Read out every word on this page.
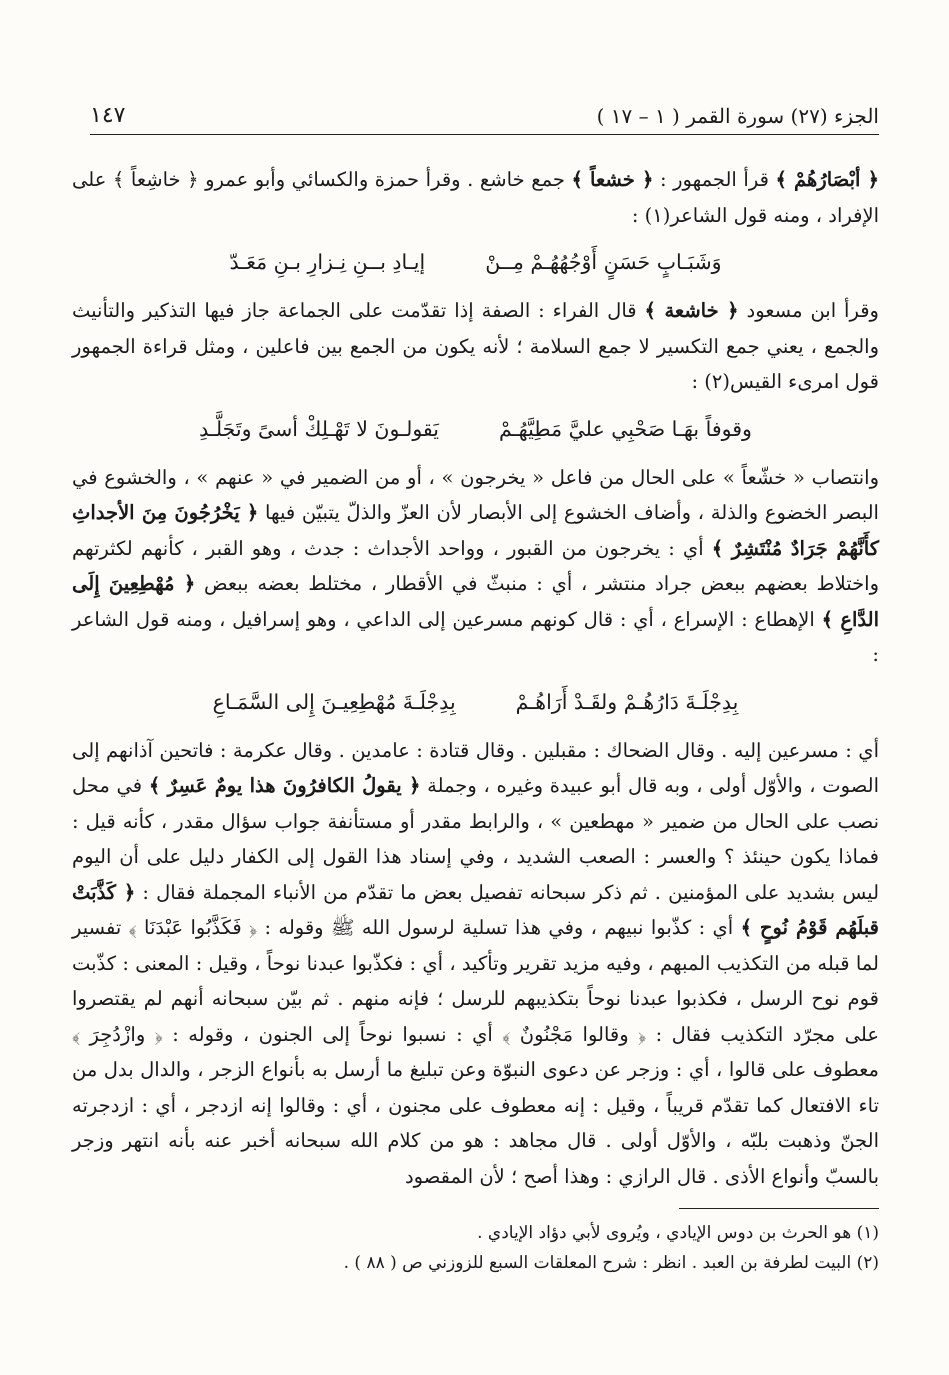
١٤٧	الجزء (٢٧) سورة القمر ( ١ – ١٧ )

﴿ أبْصَارُهُمْ ﴾ قرأ الجمهور : ﴿ خشعاً ﴾ جمع خاشع . وقرأ حمزة والكسائي وأبو عمرو ﴿ خاشِعاً ﴾ على الإفراد ، ومنه قول الشاعر(١) :

وَشَبَـابٍ حَسَنٍ أَوْجُهُهُـمْ مِــنْ
إيـادِ بــنِ نِـزارِ بـنِ مَعَـدّ

وقرأ ابن مسعود ﴿ خاشعة ﴾ قال الفراء : الصفة إذا تقدّمت على الجماعة جاز فيها التذكير والتأنيث والجمع ، يعني جمع التكسير لا جمع السلامة ؛ لأنه يكون من الجمع بين فاعلين ، ومثل قراءة الجمهور قول امرىء القيس(٢) :

وقوفاً بهَـا صَحْبِي عليَّ مَطِيَّهُـمْ
يَقولـونَ لا تَهْـلِكْ أسىً وتَجَلَّـدِ

وانتصاب « خشّعاً » على الحال من فاعل « يخرجون » ، أو من الضمير في « عنهم » ، والخشوع في البصر الخضوع والذلة ، وأضاف الخشوع إلى الأبصار لأن العزّ والذلّ يتبيّن فيها ﴿ يَخْرُجُونَ مِنَ الأجداثِ كأَنَّهُمْ جَرَادٌ مُنْتَشِرٌ ﴾ أي : يخرجون من القبور ، وواحد الأجداث : جدث ، وهو القبر ، كأنهم لكثرتهم واختلاط بعضهم ببعض جراد منتشر ، أي : منبثّ في الأقطار ، مختلط بعضه ببعض ﴿ مُهْطِعِينَ إِلَى الدَّاعِ ﴾ الإهطاع : الإسراع ، أي : قال كونهم مسرعين إلى الداعي ، وهو إسرافيل ، ومنه قول الشاعر :

بِدِجْلَـةَ دَارُهُـمْ ولقَـدْ أَرَاهُـمْ
بِدِجْلَـةَ مُهْطِعِيـنَ إِلى السَّمَـاعِ

أي : مسرعين إليه . وقال الضحاك : مقبلين . وقال قتادة : عامدين . وقال عكرمة : فاتحين آذانهم إلى الصوت ، والأوّل أولى ، وبه قال أبو عبيدة وغيره ، وجملة ﴿ يقولُ الكافرُونَ هذا يومٌ عَسِرٌ ﴾ في محل نصب على الحال من ضمير « مهطعين » ، والرابط مقدر أو مستأنفة جواب سؤال مقدر ، كأنه قيل : فماذا يكون حينئذ ؟ والعسر : الصعب الشديد ، وفي إسناد هذا القول إلى الكفار دليل على أن اليوم ليس بشديد على المؤمنين . ثم ذكر سبحانه تفصيل بعض ما تقدّم من الأنباء المجملة فقال : ﴿ كَذَّبَتْ قبلَهُم قَوْمُ نُوحٍ ﴾ أي : كذّبوا نبيهم ، وفي هذا تسلية لرسول الله ﷺ وقوله : ﴿ فَكَذَّبُوا عَبْدَنَا ﴾ تفسير لما قبله من التكذيب المبهم ، وفيه مزيد تقرير وتأكيد ، أي : فكذّبوا عبدنا نوحاً ، وقيل : المعنى : كذّبت قوم نوح الرسل ، فكذبوا عبدنا نوحاً بتكذيبهم للرسل ؛ فإنه منهم . ثم بيّن سبحانه أنهم لم يقتصروا على مجرّد التكذيب فقال : ﴿ وقالوا مَجْنُونٌ ﴾ أي : نسبوا نوحاً إلى الجنون ، وقوله : ﴿ وازْدُجِرَ ﴾ معطوف على قالوا ، أي : وزجر عن دعوى النبوّة وعن تبليغ ما أرسل به بأنواع الزجر ، والدال بدل من تاء الافتعال كما تقدّم قريباً ، وقيل : إنه معطوف على مجنون ، أي : وقالوا إنه ازدجر ، أي : ازدجرته الجنّ وذهبت بلبّه ، والأوّل أولى . قال مجاهد : هو من كلام الله سبحانه أخبر عنه بأنه انتهر وزجر بالسبّ وأنواع الأذى . قال الرازي : وهذا أصح ؛ لأن المقصود

(١) هو الحرث بن دوس الإيادي ، ويُروى لأبي دؤاد الإيادي .

(٢) البيت لطرفة بن العبد . انظر : شرح المعلقات السبع للزوزني ص ( ٨٨ ) .
